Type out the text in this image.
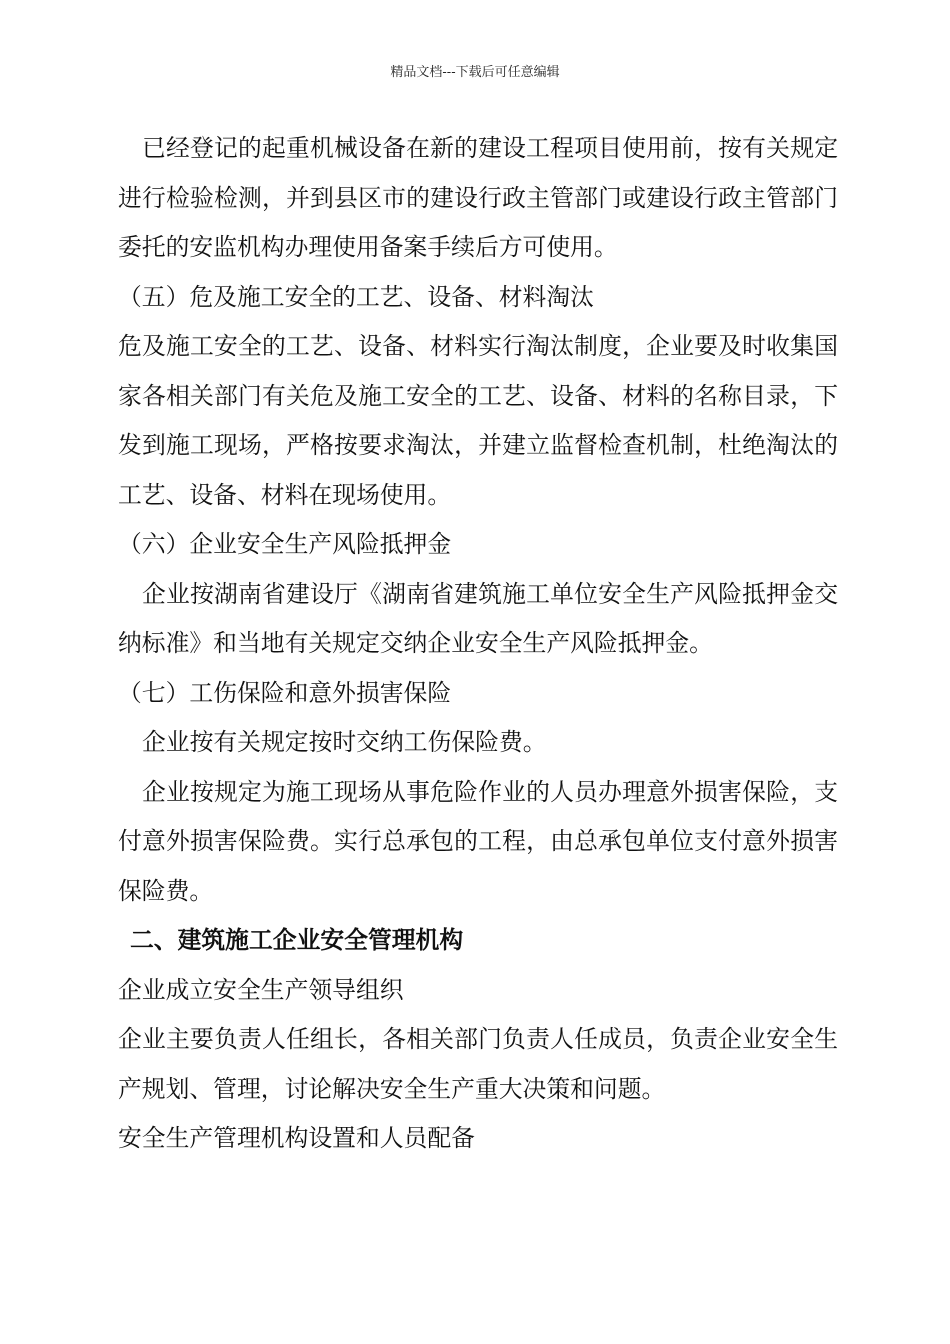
精品文档---下载后可任意编辑
已经登记的起重机械设备在新的建设工程项目使用前，按有关规定
进行检验检测，并到县区市的建设行政主管部门或建设行政主管部门
委托的安监机构办理使用备案手续后方可使用。
（五）危及施工安全的工艺、设备、材料淘汰
危及施工安全的工艺、设备、材料实行淘汰制度，企业要及时收集国
家各相关部门有关危及施工安全的工艺、设备、材料的名称目录，下
发到施工现场，严格按要求淘汰，并建立监督检查机制，杜绝淘汰的
工艺、设备、材料在现场使用。
（六）企业安全生产风险抵押金
企业按湖南省建设厅《湖南省建筑施工单位安全生产风险抵押金交
纳标准》和当地有关规定交纳企业安全生产风险抵押金。
（七）工伤保险和意外损害保险
企业按有关规定按时交纳工伤保险费。
企业按规定为施工现场从事危险作业的人员办理意外损害保险，支
付意外损害保险费。实行总承包的工程，由总承包单位支付意外损害
保险费。
二、建筑施工企业安全管理机构
企业成立安全生产领导组织
企业主要负责人任组长，各相关部门负责人任成员，负责企业安全生
产规划、管理，讨论解决安全生产重大决策和问题。
安全生产管理机构设置和人员配备
